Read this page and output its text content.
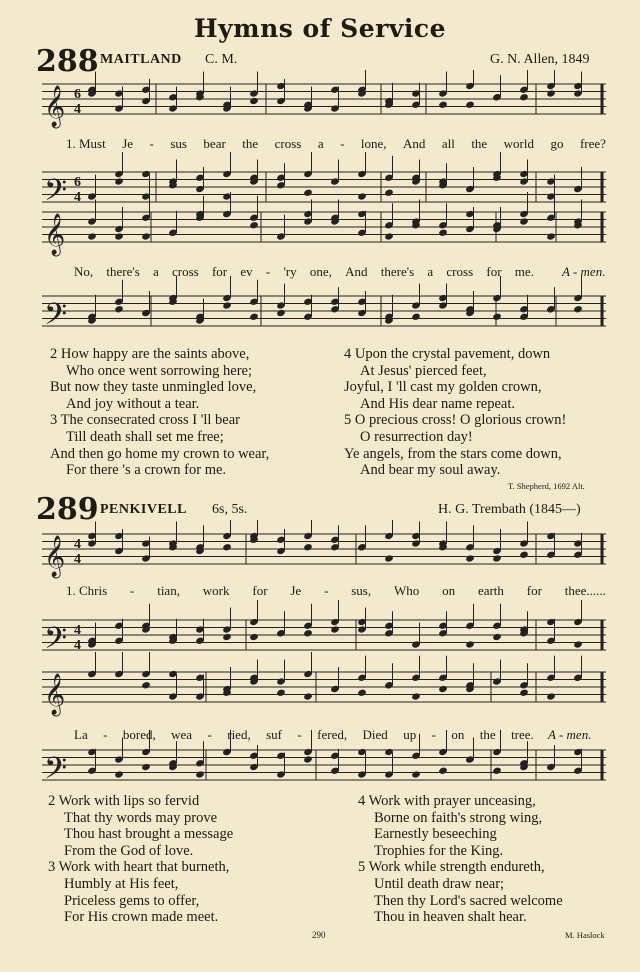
Hymns of Service
288 MAITLAND C. M.	G. N. Allen, 1849
𝄞 6
4
𝄢 6
4
𝄞
𝄢
1. Must Je - sus bear the cross a - lone, And all the world go free?
No, there's a cross for ev - 'ry one, And there's a cross for me. A - men.
2 How happy are the saints above,
Who once went sorrowing here;
But now they taste unmingled love,
And joy without a tear.
3 The consecrated cross I 'll bear
Till death shall set me free;
And then go home my crown to wear,
For there 's a crown for me.
4 Upon the crystal pavement, down
At Jesus' pierced feet,
Joyful, I 'll cast my golden crown,
And His dear name repeat.
5 O precious cross! O glorious crown!
O resurrection day!
Ye angels, from the stars come down,
And bear my soul away.
T. Shepherd, 1692 Alt.
289 PENKIVELL 6s, 5s.	H. G. Trembath (1845—)
𝄞 4
4
𝄢 4
4
𝄞
𝄢
1. Chris - tian, work for Je - sus, Who on earth for thee......
La - bored, wea - ried, suf - fered, Died up - on the tree. A - men.
2 Work with lips so fervid
That thy words may prove
Thou hast brought a message
From the God of love.
3 Work with heart that burneth,
Humbly at His feet,
Priceless gems to offer,
For His crown made meet.
4 Work with prayer unceasing,
Borne on faith's strong wing,
Earnestly beseeching
Trophies for the King.
5 Work while strength endureth,
Until death draw near;
Then thy Lord's sacred welcome
Thou in heaven shalt hear.
290	M. Haslock
